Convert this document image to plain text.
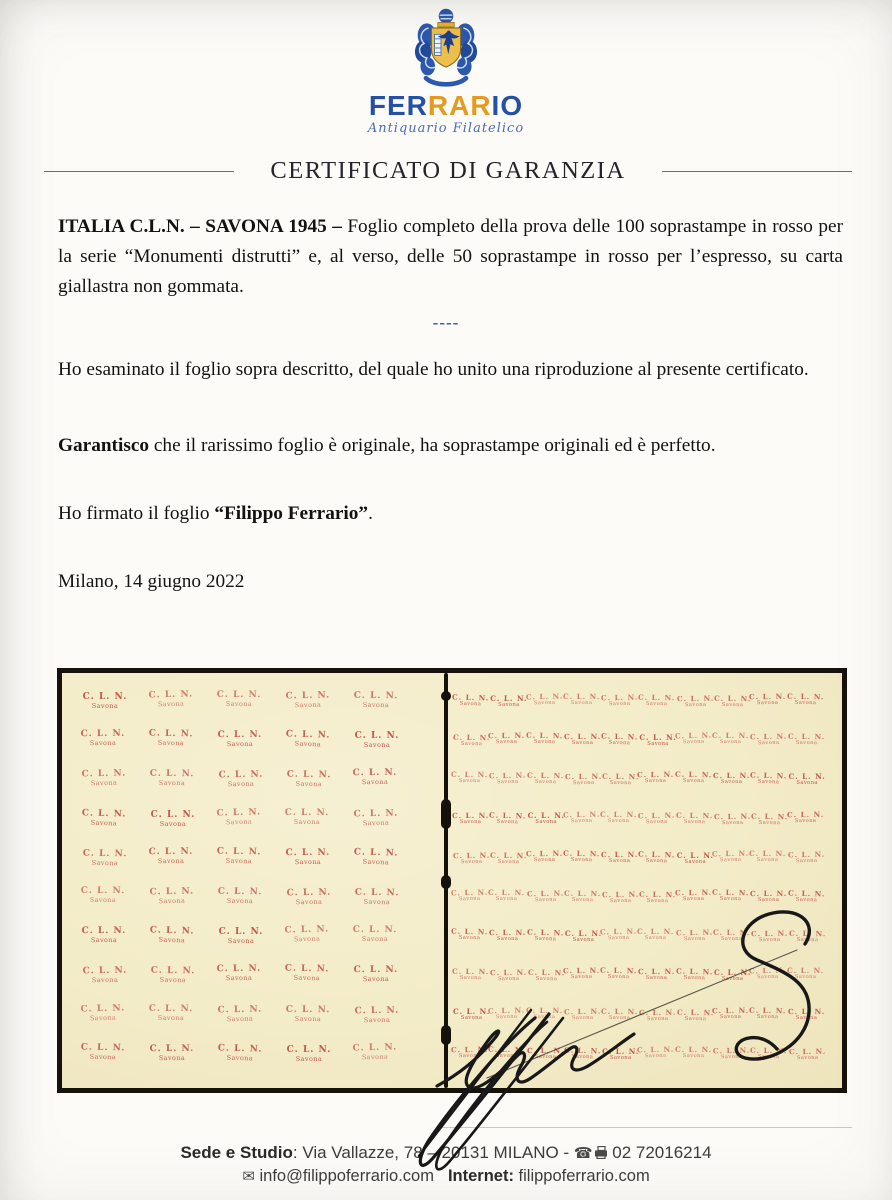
FERRARIO
Antiquario Filatelico
CERTIFICATO DI GARANZIA
ITALIA C.L.N. – SAVONA 1945 – Foglio completo della prova delle 100 soprastampe in rosso per la serie “Monumenti distrutti” e, al verso, delle 50 soprastampe in rosso per l’espresso, su carta giallastra non gommata.
----
Ho esaminato il foglio sopra descritto, del quale ho unito una riproduzione al presente certificato.
Garantisco che il rarissimo foglio è originale, ha soprastampe originali ed è perfetto.
Ho firmato il foglio “Filippo Ferrario”.
Milano, 14 giugno 2022
C. L. N.
Savona
C. L. N.
Savona
C. L. N.
Savona
C. L. N.
Savona
C. L. N.
Savona
C. L. N.
Savona
C. L. N.
Savona
C. L. N.
Savona
C. L. N.
Savona
C. L. N.
Savona
C. L. N.
Savona
C. L. N.
Savona
C. L. N.
Savona
C. L. N.
Savona
C. L. N.
Savona
C. L. N.
Savona
C. L. N.
Savona
C. L. N.
Savona
C. L. N.
Savona
C. L. N.
Savona
C. L. N.
Savona
C. L. N.
Savona
C. L. N.
Savona
C. L. N.
Savona
C. L. N.
Savona
C. L. N.
Savona
C. L. N.
Savona
C. L. N.
Savona
C. L. N.
Savona
C. L. N.
Savona
C. L. N.
Savona
C. L. N.
Savona
C. L. N.
Savona
C. L. N.
Savona
C. L. N.
Savona
C. L. N.
Savona
C. L. N.
Savona
C. L. N.
Savona
C. L. N.
Savona
C. L. N.
Savona
C. L. N.
Savona
C. L. N.
Savona
C. L. N.
Savona
C. L. N.
Savona
C. L. N.
Savona
C. L. N.
Savona
C. L. N.
Savona
C. L. N.
Savona
C. L. N.
Savona
C. L. N.
Savona
C. L. N.
Savona
C. L. N.
Savona
C. L. N.
Savona
C. L. N.
Savona
C. L. N.
Savona
C. L. N.
Savona
C. L. N.
Savona
C. L. N.
Savona
C. L. N.
Savona
C. L. N.
Savona
C. L. N.
Savona
C. L. N.
Savona
C. L. N.
Savona
C. L. N.
Savona
C. L. N.
Savona
C. L. N.
Savona
C. L. N.
Savona
C. L. N.
Savona
C. L. N.
Savona
C. L. N.
Savona
C. L. N.
Savona
C. L. N.
Savona
C. L. N.
Savona
C. L. N.
Savona
C. L. N.
Savona
C. L. N.
Savona
C. L. N.
Savona
C. L. N.
Savona
C. L. N.
Savona
C. L. N.
Savona
C. L. N.
Savona
C. L. N.
Savona
C. L. N.
Savona
C. L. N.
Savona
C. L. N.
Savona
C. L. N.
Savona
C. L. N.
Savona
C. L. N.
Savona
C. L. N.
Savona
C. L. N.
Savona
C. L. N.
Savona
C. L. N.
Savona
C. L. N.
Savona
C. L. N.
Savona
C. L. N.
Savona
C. L. N.
Savona
C. L. N.
Savona
C. L. N.
Savona
C. L. N.
Savona
C. L. N.
Savona
C. L. N.
Savona
C. L. N.
Savona
C. L. N.
Savona
C. L. N.
Savona
C. L. N.
Savona
C. L. N.
Savona
C. L. N.
Savona
C. L. N.
Savona
C. L. N.
Savona
C. L. N.
Savona
C. L. N.
Savona
C. L. N.
Savona
C. L. N.
Savona
C. L. N.
Savona
C. L. N.
Savona
C. L. N.
Savona
C. L. N.
Savona
C. L. N.
Savona
C. L. N.
Savona
C. L. N.
Savona
C. L. N.
Savona
C. L. N.
Savona
C. L. N.
Savona
C. L. N.
Savona
C. L. N.
Savona
C. L. N.
Savona
C. L. N.
Savona
C. L. N.
Savona
C. L. N.
Savona
C. L. N.
Savona
C. L. N.
Savona
C. L. N.
Savona
C. L. N.
Savona
C. L. N.
Savona
C. L. N.
Savona
C. L. N.
Savona
C. L. N.
Savona
C. L. N.
Savona
C. L. N.
Savona
C. L. N.
Savona
C. L. N.
Savona
C. L. N.
Savona
C. L. N.
Savona
C. L. N.
Savona
C. L. N.
Savona
C. L. N.
Savona
C. L. N.
Savona
C. L. N.
Savona
C. L. N.
Savona
C. L. N.
Savona
Sede e Studio: Via Vallazze, 78 – 20131 MILANO - ☎ 02 72016214
✉ info@filippoferrario.com Internet: filippoferrario.com
